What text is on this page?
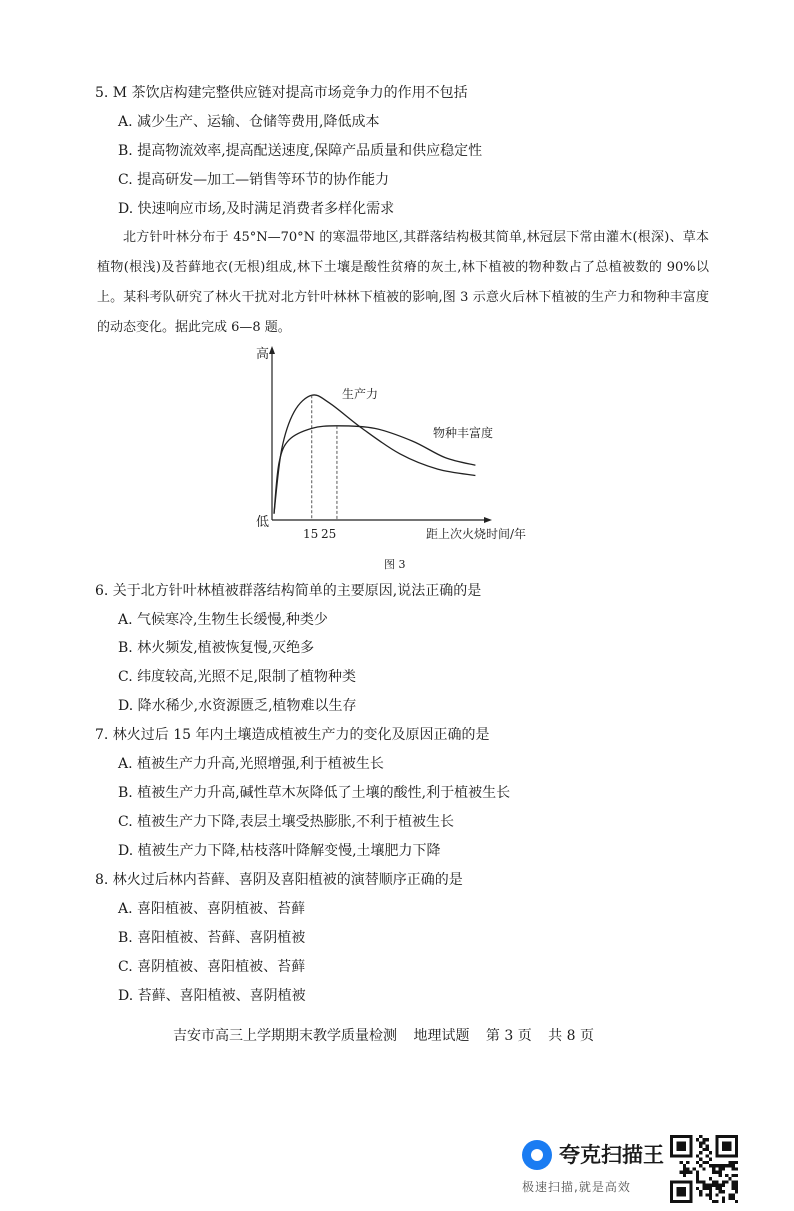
5. M 茶饮店构建完整供应链对提高市场竞争力的作用不包括
A. 减少生产、运输、仓储等费用,降低成本
B. 提高物流效率,提高配送速度,保障产品质量和供应稳定性
C. 提高研发—加工—销售等环节的协作能力
D. 快速响应市场,及时满足消费者多样化需求
北方针叶林分布于 45°N—70°N 的寒温带地区,其群落结构极其简单,林冠层下常由灌木(根深)、草本植物(根浅)及苔藓地衣(无根)组成,林下土壤是酸性贫瘠的灰土,林下植被的物种数占了总植被数的 90%以上。某科考队研究了林火干扰对北方针叶林林下植被的影响,图 3 示意火后林下植被的生产力和物种丰富度的动态变化。据此完成 6—8 题。
高
低
距上次火烧时间/年
15 25
生产力
物种丰富度
图 3
6. 关于北方针叶林植被群落结构简单的主要原因,说法正确的是
A. 气候寒冷,生物生长缓慢,种类少
B. 林火频发,植被恢复慢,灭绝多
C. 纬度较高,光照不足,限制了植物种类
D. 降水稀少,水资源匮乏,植物难以生存
7. 林火过后 15 年内土壤造成植被生产力的变化及原因正确的是
A. 植被生产力升高,光照增强,利于植被生长
B. 植被生产力升高,碱性草木灰降低了土壤的酸性,利于植被生长
C. 植被生产力下降,表层土壤受热膨胀,不利于植被生长
D. 植被生产力下降,枯枝落叶降解变慢,土壤肥力下降
8. 林火过后林内苔藓、喜阴及喜阳植被的演替顺序正确的是
A. 喜阳植被、喜阴植被、苔藓
B. 喜阳植被、苔藓、喜阴植被
C. 喜阴植被、喜阳植被、苔藓
D. 苔藓、喜阳植被、喜阴植被
吉安市高三上学期期末教学质量检测 地理试题 第 3 页 共 8 页
夸克扫描王
极速扫描,就是高效
